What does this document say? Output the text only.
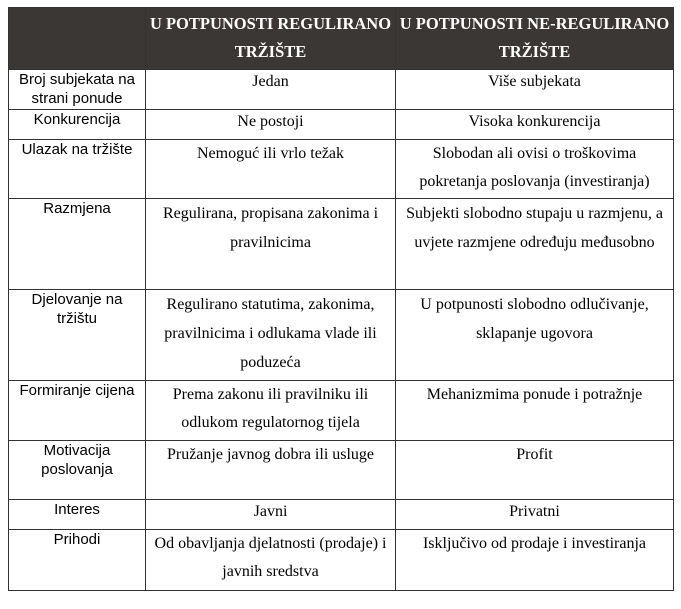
	U POTPUNOSTI REGULIRANO TRŽIŠTE	U POTPUNOSTI NE-REGULIRANO TRŽIŠTE
Broj subjekata na strani ponude	Jedan	Više subjekata
Konkurencija	Ne postoji	Visoka konkurencija
Ulazak na tržište	Nemoguć ili vrlo težak	Slobodan ali ovisi o troškovima pokretanja poslovanja (investiranja)
Razmjena	Regulirana, propisana zakonima i pravilnicima	Subjekti slobodno stupaju u razmjenu, a uvjete razmjene određuju međusobno
Djelovanje na tržištu	Regulirano statutima, zakonima, pravilnicima i odlukama vlade ili poduzeća	U potpunosti slobodno odlučivanje, sklapanje ugovora
Formiranje cijena	Prema zakonu ili pravilniku ili odlukom regulatornog tijela	Mehanizmima ponude i potražnje
Motivacija poslovanja	Pružanje javnog dobra ili usluge	Profit
Interes	Javni	Privatni
Prihodi	Od obavljanja djelatnosti (prodaje) i javnih sredstva	Isključivo od prodaje i investiranja
